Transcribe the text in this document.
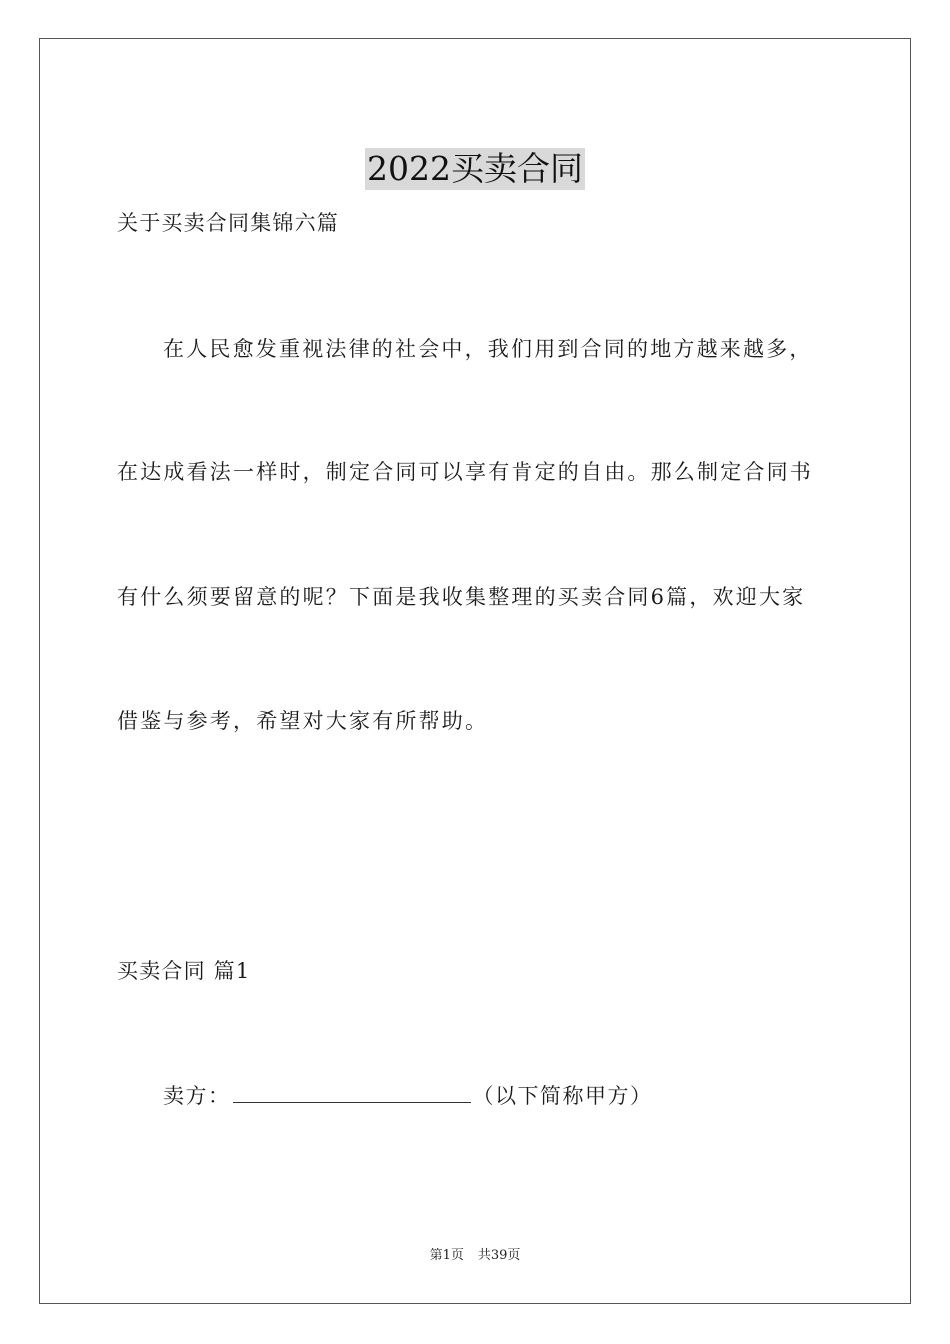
2022买卖合同
关于买卖合同集锦六篇
在人民愈发重视法律的社会中，我们用到合同的地方越来越多，
在达成看法一样时，制定合同可以享有肯定的自由。那么制定合同书
有什么须要留意的呢？下面是我收集整理的买卖合同6篇，欢迎大家
借鉴与参考，希望对大家有所帮助。
买卖合同 篇1
卖方：	（以下简称甲方）
第1页 共39页
